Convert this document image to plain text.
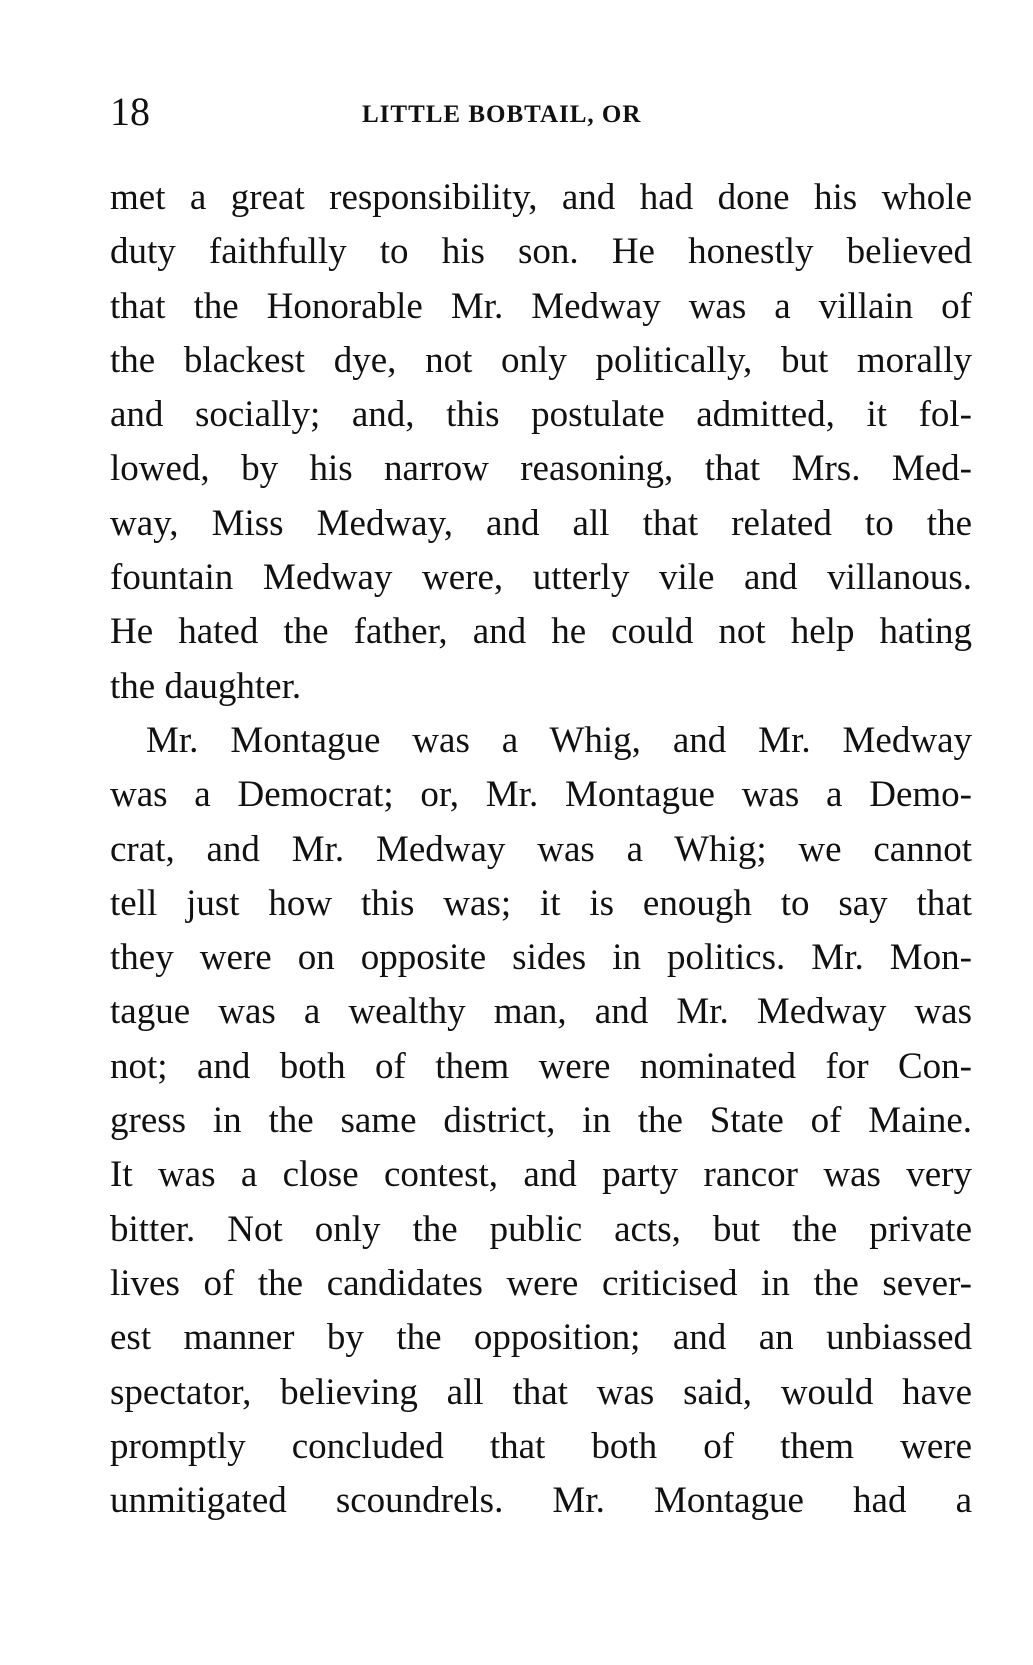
18	LITTLE BOBTAIL, OR
met a great responsibility, and had done his whole
duty faithfully to his son. He honestly believed
that the Honorable Mr. Medway was a villain of
the blackest dye, not only politically, but morally
and socially; and, this postulate admitted, it fol-
lowed, by his narrow reasoning, that Mrs. Med-
way, Miss Medway, and all that related to the
fountain Medway were, utterly vile and villanous.
He hated the father, and he could not help hating
the daughter.
Mr. Montague was a Whig, and Mr. Medway
was a Democrat; or, Mr. Montague was a Demo-
crat, and Mr. Medway was a Whig; we cannot
tell just how this was; it is enough to say that
they were on opposite sides in politics. Mr. Mon-
tague was a wealthy man, and Mr. Medway was
not; and both of them were nominated for Con-
gress in the same district, in the State of Maine.
It was a close contest, and party rancor was very
bitter. Not only the public acts, but the private
lives of the candidates were criticised in the sever-
est manner by the opposition; and an unbiassed
spectator, believing all that was said, would have
promptly concluded that both of them were
unmitigated scoundrels. Mr. Montague had a
